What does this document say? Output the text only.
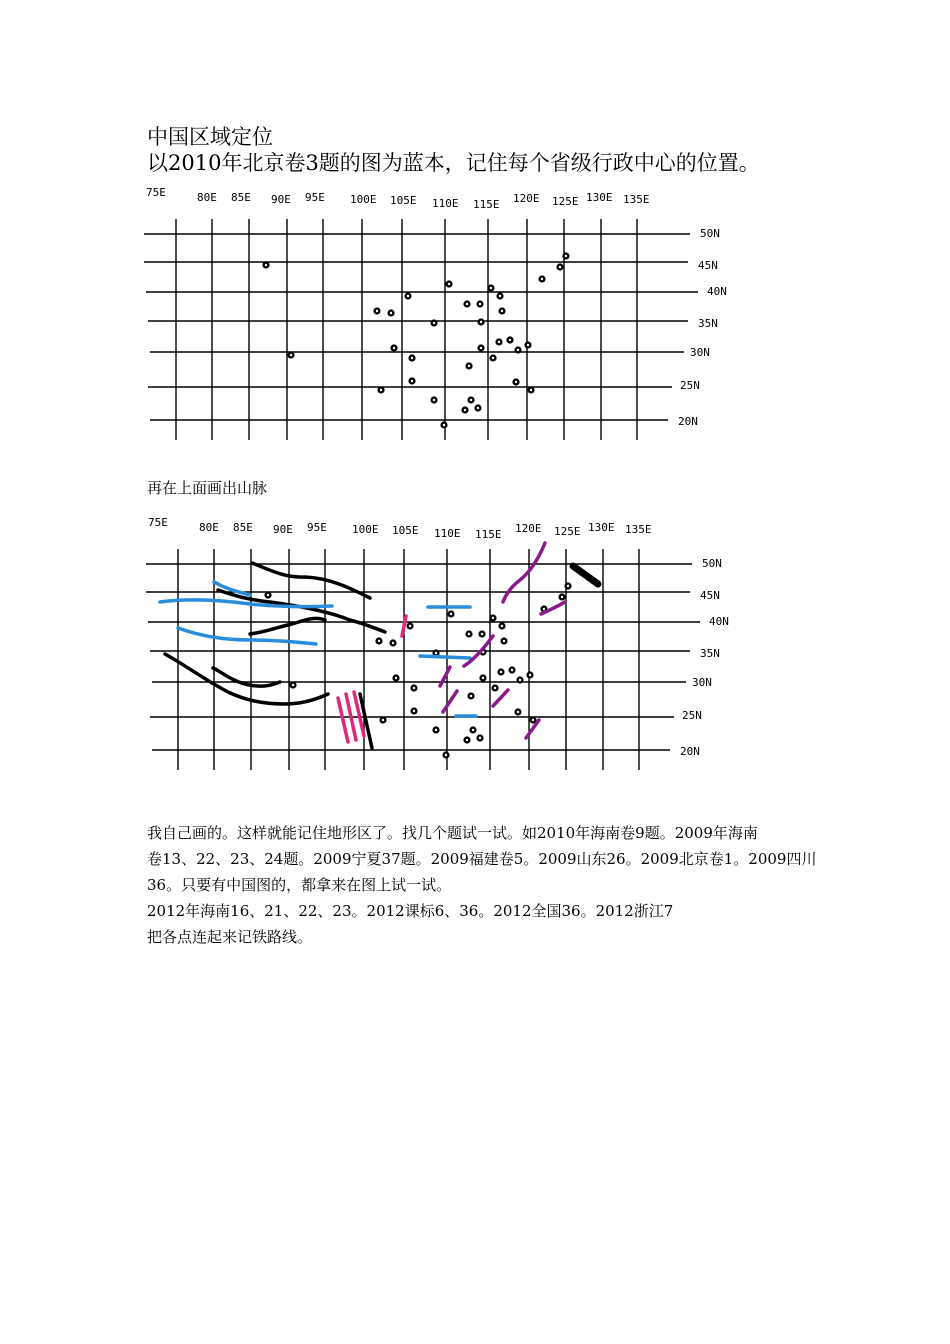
中国区域定位
以2010年北京卷3题的图为蓝本，记住每个省级行政中心的位置。
75E	80E 85E 90E 95E 100E 105E 110E 115E 120E 125E 130E 135E
50N
45N
40N
35N
30N
25N
20N
75E	80E 85E 90E 95E 100E 105E 110E 115E 120E 125E 130E 135E
50N
45N
40N
35N
30N
25N
20N
再在上面画出山脉
我自己画的。这样就能记住地形区了。找几个题试一试。如2010年海南卷9题。2009年海南
卷13、22、23、24题。2009宁夏37题。2009福建卷5。2009山东26。2009北京卷1。2009四川
36。只要有中国图的，都拿来在图上试一试。
2012年海南16、21、22、23。2012课标6、36。2012全国36。2012浙江7
把各点连起来记铁路线。
